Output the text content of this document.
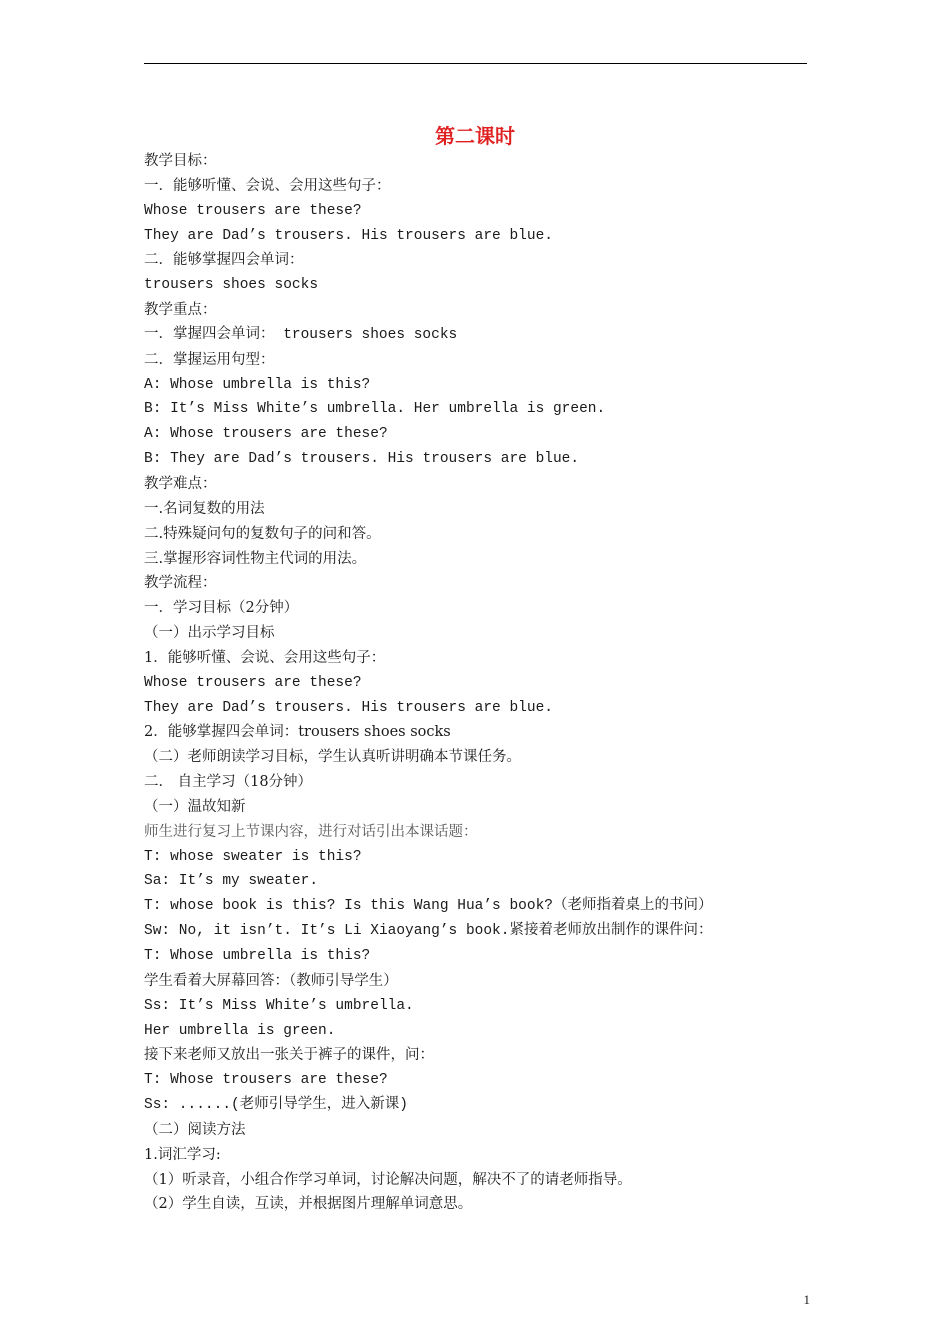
第二课时
教学目标：
一．能够听懂、会说、会用这些句子：
Whose trousers are these?
They are Dad’s trousers. His trousers are blue.
二．能够掌握四会单词：
trousers shoes socks
教学重点：
一．掌握四会单词： trousers shoes socks
二．掌握运用句型：
A: Whose umbrella is this?
B: It’s Miss White’s umbrella. Her umbrella is green.
A: Whose trousers are these?
B: They are Dad’s trousers. His trousers are blue.
教学难点：
一.名词复数的用法
二.特殊疑问句的复数句子的问和答。
三.掌握形容词性物主代词的用法。
教学流程：
一．学习目标（2分钟）
（一）出示学习目标
1．能够听懂、会说、会用这些句子：
Whose trousers are these?
They are Dad’s trousers. His trousers are blue.
2．能够掌握四会单词：trousers shoes socks
（二）老师朗读学习目标，学生认真听讲明确本节课任务。
二． 自主学习（18分钟）
（一）温故知新
师生进行复习上节课内容，进行对话引出本课话题：
T: whose sweater is this?
Sa: It’s my sweater.
T: whose book is this? Is this Wang Hua’s book?（老师指着桌上的书问）
Sw: No, it isn’t. It’s Li Xiaoyang’s book.紧接着老师放出制作的课件问：
T: Whose umbrella is this?
学生看着大屏幕回答：（教师引导学生）
Ss: It’s Miss White’s umbrella.
Her umbrella is green.
接下来老师又放出一张关于裤子的课件，问：
T: Whose trousers are these?
Ss: ......(老师引导学生，进入新课)
（二）阅读方法
1.词汇学习:
（1）听录音，小组合作学习单词，讨论解决问题，解决不了的请老师指导。
（2）学生自读，互读，并根据图片理解单词意思。
1
